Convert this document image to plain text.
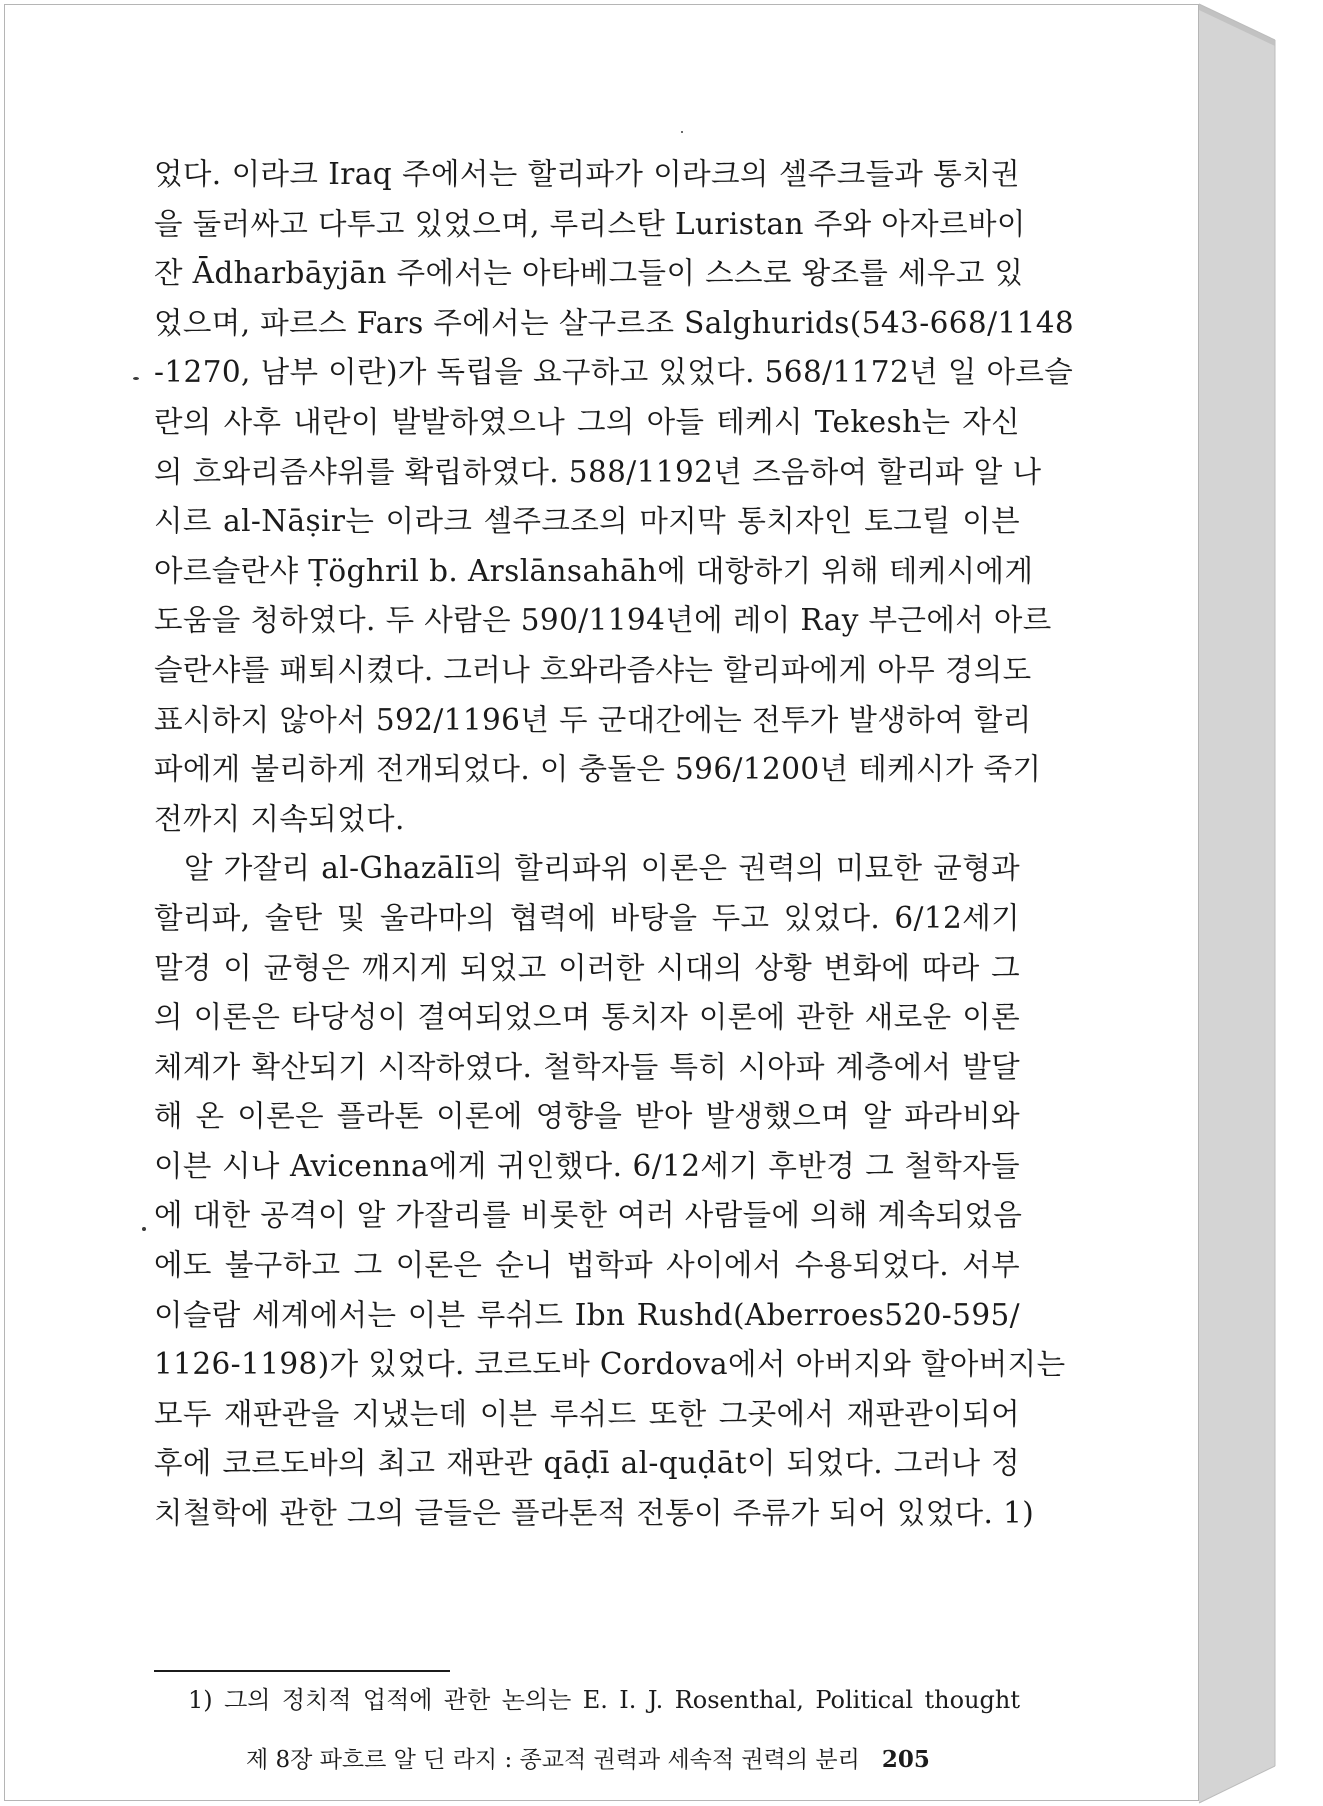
었다. 이라크 Iraq 주에서는 할리파가 이라크의 셀주크들과 통치권
을 둘러싸고 다투고 있었으며, 루리스탄 Luristan 주와 아자르바이
잔 Ādharbāyjān 주에서는 아타베그들이 스스로 왕조를 세우고 있
었으며, 파르스 Fars 주에서는 살구르조 Salghurids(543-668/1148
-1270, 남부 이란)가 독립을 요구하고 있었다. 568/1172년 일 아르슬
란의 사후 내란이 발발하였으나 그의 아들 테케시 Tekesh는 자신
의 흐와리즘샤위를 확립하였다. 588/1192년 즈음하여 할리파 알 나
시르 al-Nāṣir는 이라크 셀주크조의 마지막 통치자인 토그릴 이븐
아르슬란샤 Ṭöghril b. Arslānsahāh에 대항하기 위해 테케시에게
도움을 청하였다. 두 사람은 590/1194년에 레이 Ray 부근에서 아르
슬란샤를 패퇴시켰다. 그러나 흐와라즘샤는 할리파에게 아무 경의도
표시하지 않아서 592/1196년 두 군대간에는 전투가 발생하여 할리
파에게 불리하게 전개되었다. 이 충돌은 596/1200년 테케시가 죽기
전까지 지속되었다.
알 가잘리 al-Ghazālī의 할리파위 이론은 권력의 미묘한 균형과
할리파, 술탄 및 울라마의 협력에 바탕을 두고 있었다. 6/12세기
말경 이 균형은 깨지게 되었고 이러한 시대의 상황 변화에 따라 그
의 이론은 타당성이 결여되었으며 통치자 이론에 관한 새로운 이론
체계가 확산되기 시작하였다. 철학자들 특히 시아파 계층에서 발달
해 온 이론은 플라톤 이론에 영향을 받아 발생했으며 알 파라비와
이븐 시나 Avicenna에게 귀인했다. 6/12세기 후반경 그 철학자들
에 대한 공격이 알 가잘리를 비롯한 여러 사람들에 의해 계속되었음
에도 불구하고 그 이론은 순니 법학파 사이에서 수용되었다. 서부
이슬람 세계에서는 이븐 루쉬드 Ibn Rushd(Aberroes520-595/
1126-1198)가 있었다. 코르도바 Cordova에서 아버지와 할아버지는
모두 재판관을 지냈는데 이븐 루쉬드 또한 그곳에서 재판관이되어
후에 코르도바의 최고 재판관 qāḍī al-quḍāt이 되었다. 그러나 정
치철학에 관한 그의 글들은 플라톤적 전통이 주류가 되어 있었다. 1)
1) 그의 정치적 업적에 관한 논의는 E. I. J. Rosenthal, Political thought
제 8장 파흐르 알 딘 라지 : 종교적 권력과 세속적 권력의 분리 205
